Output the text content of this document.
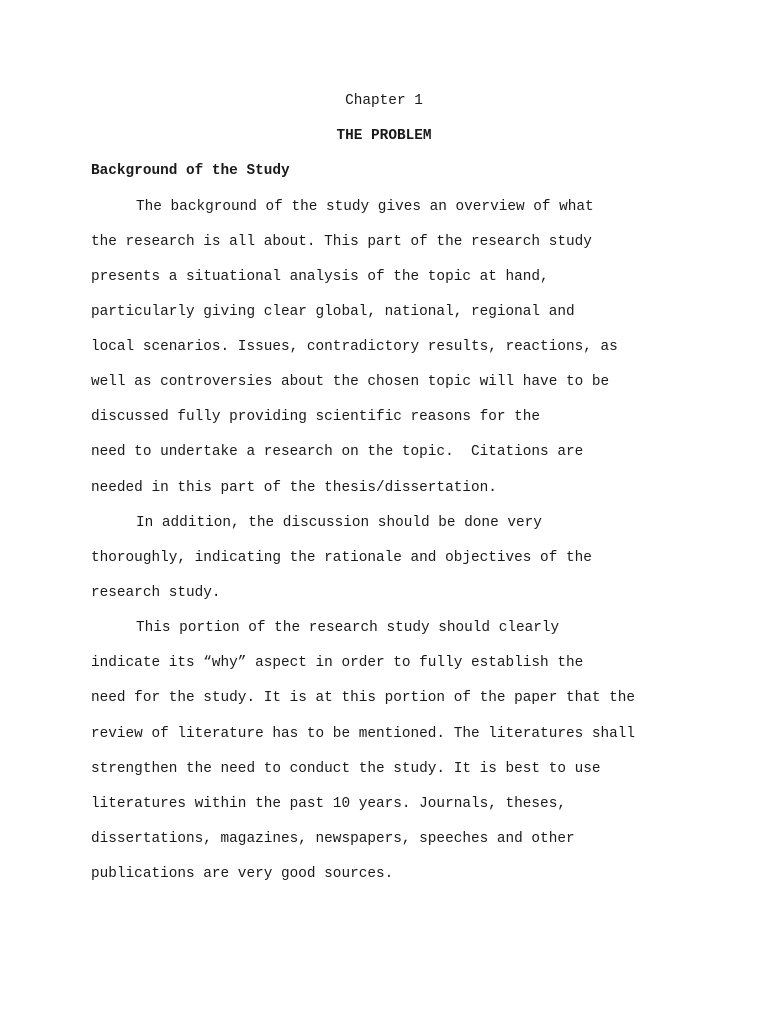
Chapter 1
THE PROBLEM
Background of the Study
The background of the study gives an overview of what
the research is all about. This part of the research study
presents a situational analysis of the topic at hand,
particularly giving clear global, national, regional and
local scenarios. Issues, contradictory results, reactions, as
well as controversies about the chosen topic will have to be
discussed fully providing scientific reasons for the
need to undertake a research on the topic.  Citations are
needed in this part of the thesis/dissertation.
In addition, the discussion should be done very
thoroughly, indicating the rationale and objectives of the
research study.
This portion of the research study should clearly
indicate its “why” aspect in order to fully establish the
need for the study. It is at this portion of the paper that the
review of literature has to be mentioned. The literatures shall
strengthen the need to conduct the study. It is best to use
literatures within the past 10 years. Journals, theses,
dissertations, magazines, newspapers, speeches and other
publications are very good sources.
